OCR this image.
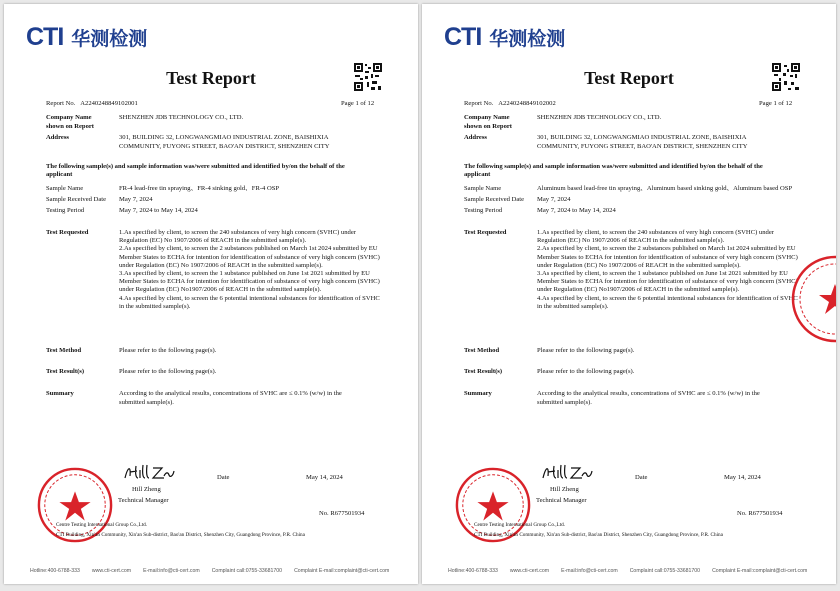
CTI 华测检测
Test Report
Report No. A2240248849102001	Page 1 of 12
Company Name
shown on Report
SHENZHEN JDB TECHNOLOGY CO., LTD.
Address	301, BUILDING 32, LONGWANGMIAO INDUSTRIAL ZONE, BAISHIXIA
COMMUNITY, FUYONG STREET, BAO'AN DISTRICT, SHENZHEN CITY
The following sample(s) and sample information was/were submitted and identified by/on the behalf of the
applicant
Sample Name	FR-4 lead-free tin spraying、FR-4 sinking gold、FR-4 OSP
Sample Received Date May 7, 2024
Testing Period	May 7, 2024 to May 14, 2024
Test Requested	1.As specified by client, to screen the 240 substances of very high concern (SVHC) under Regulation (EC) No 1907/2006 of REACH in the submitted sample(s).

2.As specified by client, to screen the 2 substances published on March 1st 2024 submitted by EU Member States to ECHA for intention for identification of substance of very high concern (SVHC) under Regulation (EC) No 1907/2006 of REACH in the submitted sample(s).

3.As specified by client, to screen the 1 substance published on June 1st 2021 submitted by EU Member States to ECHA for intention for identification of substance of very high concern (SVHC) under Regulation (EC) No1907/2006 of REACH in the submitted sample(s).

4.As specified by client, to screen the 6 potential intentional substances for identification of SVHC in the submitted sample(s).

Test Method	Please refer to the following page(s).
Test Result(s)	Please refer to the following page(s).
Summary	According to the analytical results, concentrations of SVHC are ≤ 0.1% (w/w) in the
submitted sample(s).
Date	May 14, 2024
Hill Zheng
Technical Manager
No. R677501934
Centre Testing International Group Co.,Ltd.
CTI Building, Xin'an Community, Xin'an Sub-district, Bao'an District, Shenzhen City, Guangdong Province, P.R. China
Hotline:400-6788-333 www.cti-cert.com E-mail:info@cti-cert.com Complaint call:0755-33681700 Complaint E-mail:complaint@cti-cert.com
CTI 华测检测
Test Report
Report No. A2240248849102002	Page 1 of 12
Company Name
shown on Report
SHENZHEN JDB TECHNOLOGY CO., LTD.
Address	301, BUILDING 32, LONGWANGMIAO INDUSTRIAL ZONE, BAISHIXIA
COMMUNITY, FUYONG STREET, BAO'AN DISTRICT, SHENZHEN CITY
The following sample(s) and sample information was/were submitted and identified by/on the behalf of the
applicant
Sample Name	Aluminum based lead-free tin spraying、Aluminum based sinking gold、Aluminum based OSP
Sample Received Date May 7, 2024
Testing Period	May 7, 2024 to May 14, 2024
Test Requested	1.As specified by client, to screen the 240 substances of very high concern (SVHC) under Regulation (EC) No 1907/2006 of REACH in the submitted sample(s).

2.As specified by client, to screen the 2 substances published on March 1st 2024 submitted by EU Member States to ECHA for intention for identification of substance of very high concern (SVHC) under Regulation (EC) No 1907/2006 of REACH in the submitted sample(s).

3.As specified by client, to screen the 1 substance published on June 1st 2021 submitted by EU Member States to ECHA for intention for identification of substance of very high concern (SVHC) under Regulation (EC) No1907/2006 of REACH in the submitted sample(s).

4.As specified by client, to screen the 6 potential intentional substances for identification of SVHC in the submitted sample(s).

Test Method	Please refer to the following page(s).
Test Result(s)	Please refer to the following page(s).
Summary	According to the analytical results, concentrations of SVHC are ≤ 0.1% (w/w) in the
submitted sample(s).
Date	May 14, 2024
Hill Zheng
Technical Manager
No. R677501934
Centre Testing International Group Co.,Ltd.
CTI Building, Xin'an Community, Xin'an Sub-district, Bao'an District, Shenzhen City, Guangdong Province, P.R. China
Hotline:400-6788-333 www.cti-cert.com E-mail:info@cti-cert.com Complaint call:0755-33681700 Complaint E-mail:complaint@cti-cert.com
